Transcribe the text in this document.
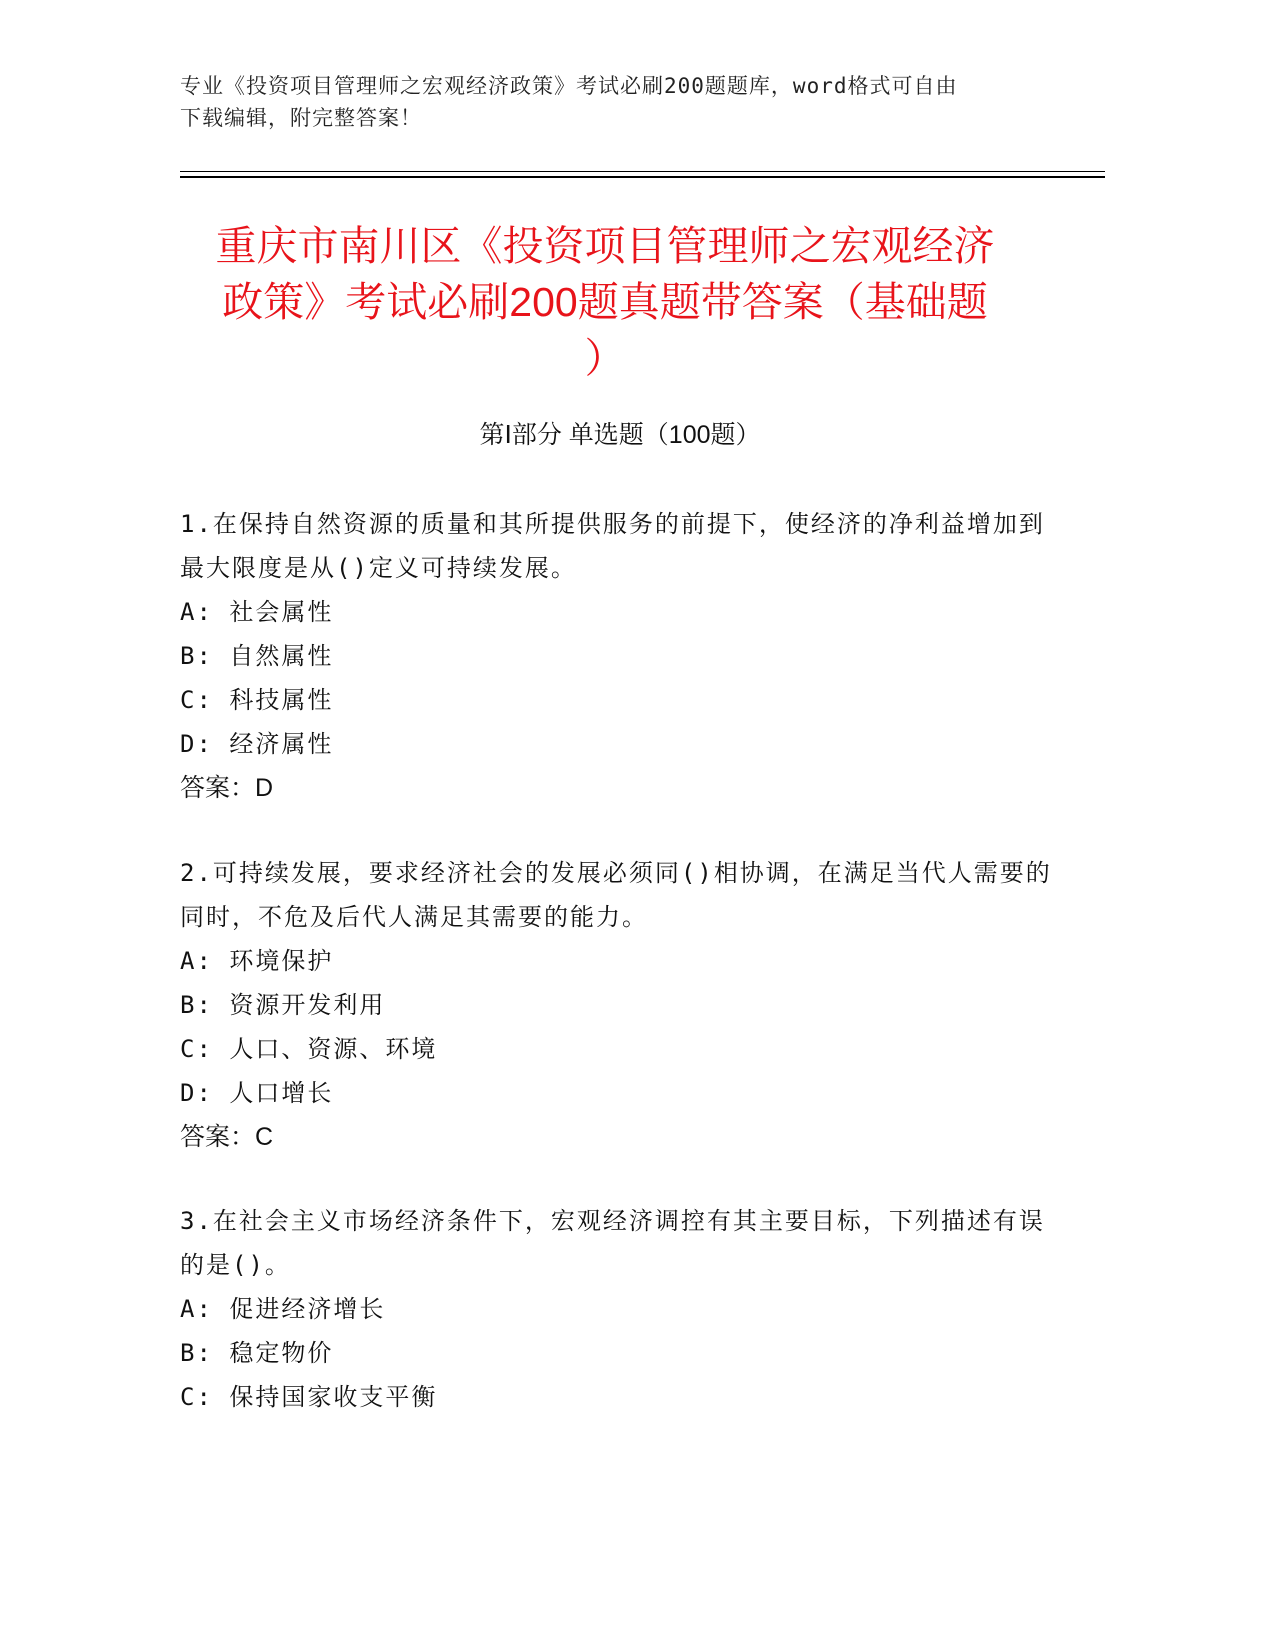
专业《投资项目管理师之宏观经济政策》考试必刷200题题库，word格式可自由
下载编辑，附完整答案！
重庆市南川区《投资项目管理师之宏观经济
政策》考试必刷200题真题带答案（基础题
）
第Ⅰ部分 单选题（100题）

1.在保持自然资源的质量和其所提供服务的前提下，使经济的净利益增加到最大限度是从()定义可持续发展。

A: 社会属性
B: 自然属性
C: 科技属性
D: 经济属性

答案：D

2.可持续发展，要求经济社会的发展必须同()相协调，在满足当代人需要的同时，不危及后代人满足其需要的能力。

A: 环境保护
B: 资源开发利用
C: 人口、资源、环境
D: 人口增长

答案：C

3.在社会主义市场经济条件下，宏观经济调控有其主要目标，下列描述有误的是()。

A: 促进经济增长
B: 稳定物价
C: 保持国家收支平衡
